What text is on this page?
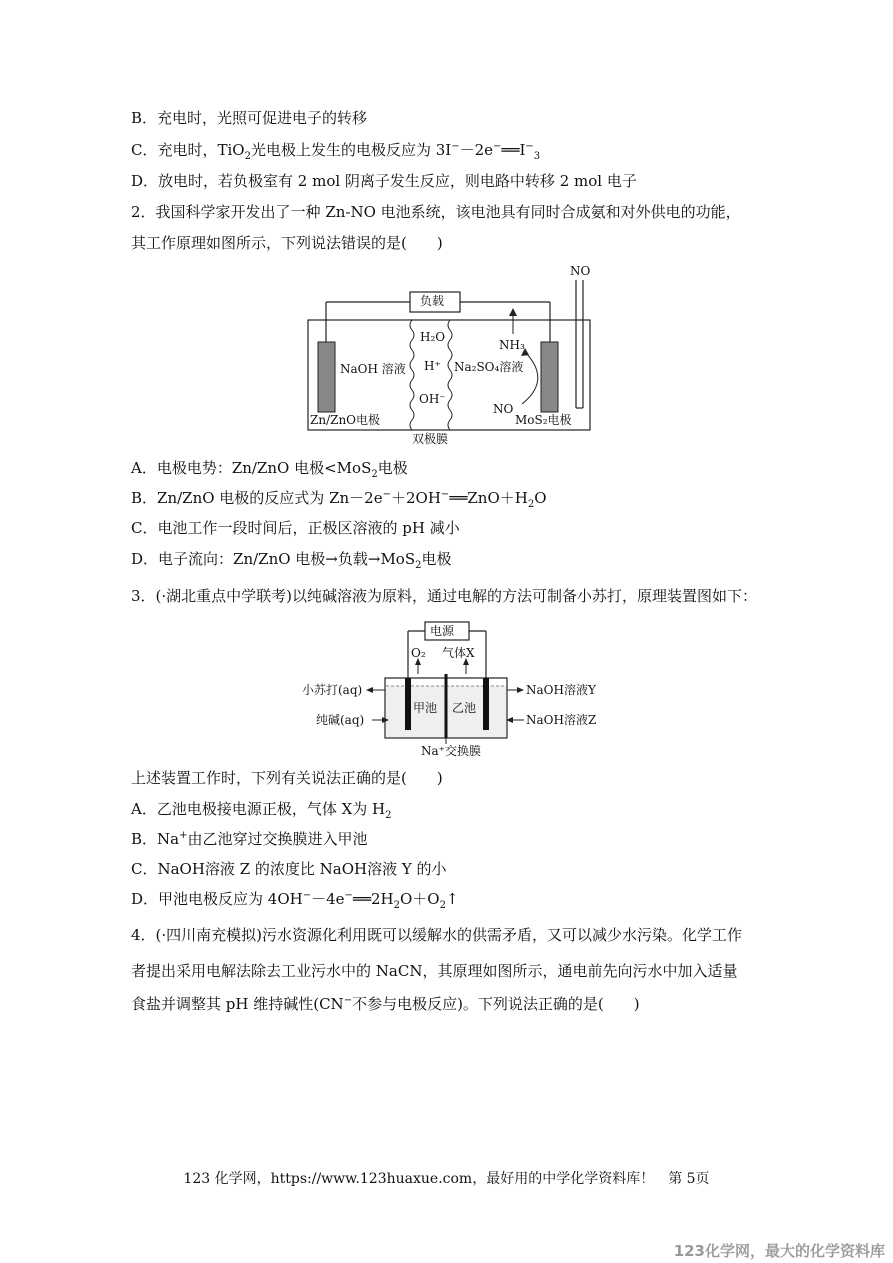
B．充电时，光照可促进电子的转移
C．充电时，TiO$_2$光电极上发生的电极反应为 $3I^--2e^-══I^-_3$
D．放电时，若负极室有 2 mol 阴离子发生反应，则电路中转移 2 mol 电子
2．我国科学家开发出了一种 Zn-NO 电池系统，该电池具有同时合成氨和对外供电的功能，
其工作原理如图所示，下列说法错误的是(　　)
负载
NO
H₂O
H⁺
OH⁻
NaOH 溶液	Na₂SO₄溶液
NH₃
NO
Zn/ZnO电极	MoS₂电极
双极膜
A．电极电势：Zn/ZnO 电极<MoS$_2$电极
B．Zn/ZnO 电极的反应式为 $Zn-2e^-+2OH^-══ZnO+H_2O$
C．电池工作一段时间后，正极区溶液的 pH 减小
D．电子流向：Zn/ZnO 电极→负载→MoS$_2$电极
3．(·湖北重点中学联考)以纯碱溶液为原料，通过电解的方法可制备小苏打，原理装置图如下：
电源
O₂ 气体X
小苏打(aq)
纯碱(aq)
甲池 乙池
NaOH溶液Y
NaOH溶液Z
Na⁺交换膜
上述装置工作时，下列有关说法正确的是(　　)
A．乙池电极接电源正极，气体 X为 $H_2$
B．Na+由乙池穿过交换膜进入甲池
C．NaOH溶液 Z 的浓度比 NaOH溶液 Y 的小
D．甲池电极反应为 $4OH^--4e^-══2H_2O+O_2↑$
4．(·四川南充模拟)污水资源化利用既可以缓解水的供需矛盾，又可以减少水污染。化学工作
者提出采用电解法除去工业污水中的 NaCN，其原理如图所示，通电前先向污水中加入适量
食盐并调整其 pH 维持碱性(CN−不参与电极反应)。下列说法正确的是(　　)
123 化学网，https://www.123huaxue.com，最好用的中学化学资料库！　第 5页
123化学网，最大的化学资料库
